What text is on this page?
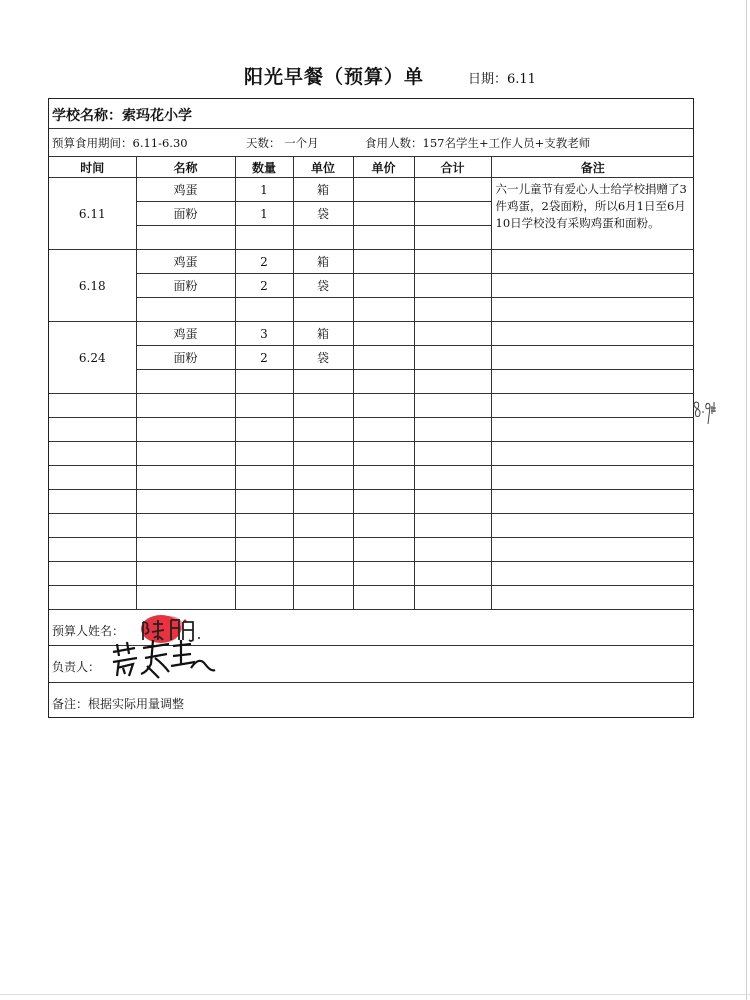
阳光早餐（预算）单	日期：6.11
学校名称：索玛花小学
预算食用期间：6.11-6.30	天数： 一个月	食用人数：157名学生+工作人员+支教老师
时间	名称	数量	单位	单价	合计	备注
6.11	鸡蛋	1	箱			六一儿童节有爱心人士给学校捐赠了3件鸡蛋，2袋面粉，所以6月1日至6月10日学校没有采购鸡蛋和面粉。
	面粉	1	袋			

6.18	鸡蛋	2	箱			
	面粉	2	袋			

6.24	鸡蛋	3	箱			
	面粉	2	袋			

预算人姓名：
负责人：
备注：根据实际用量调整
